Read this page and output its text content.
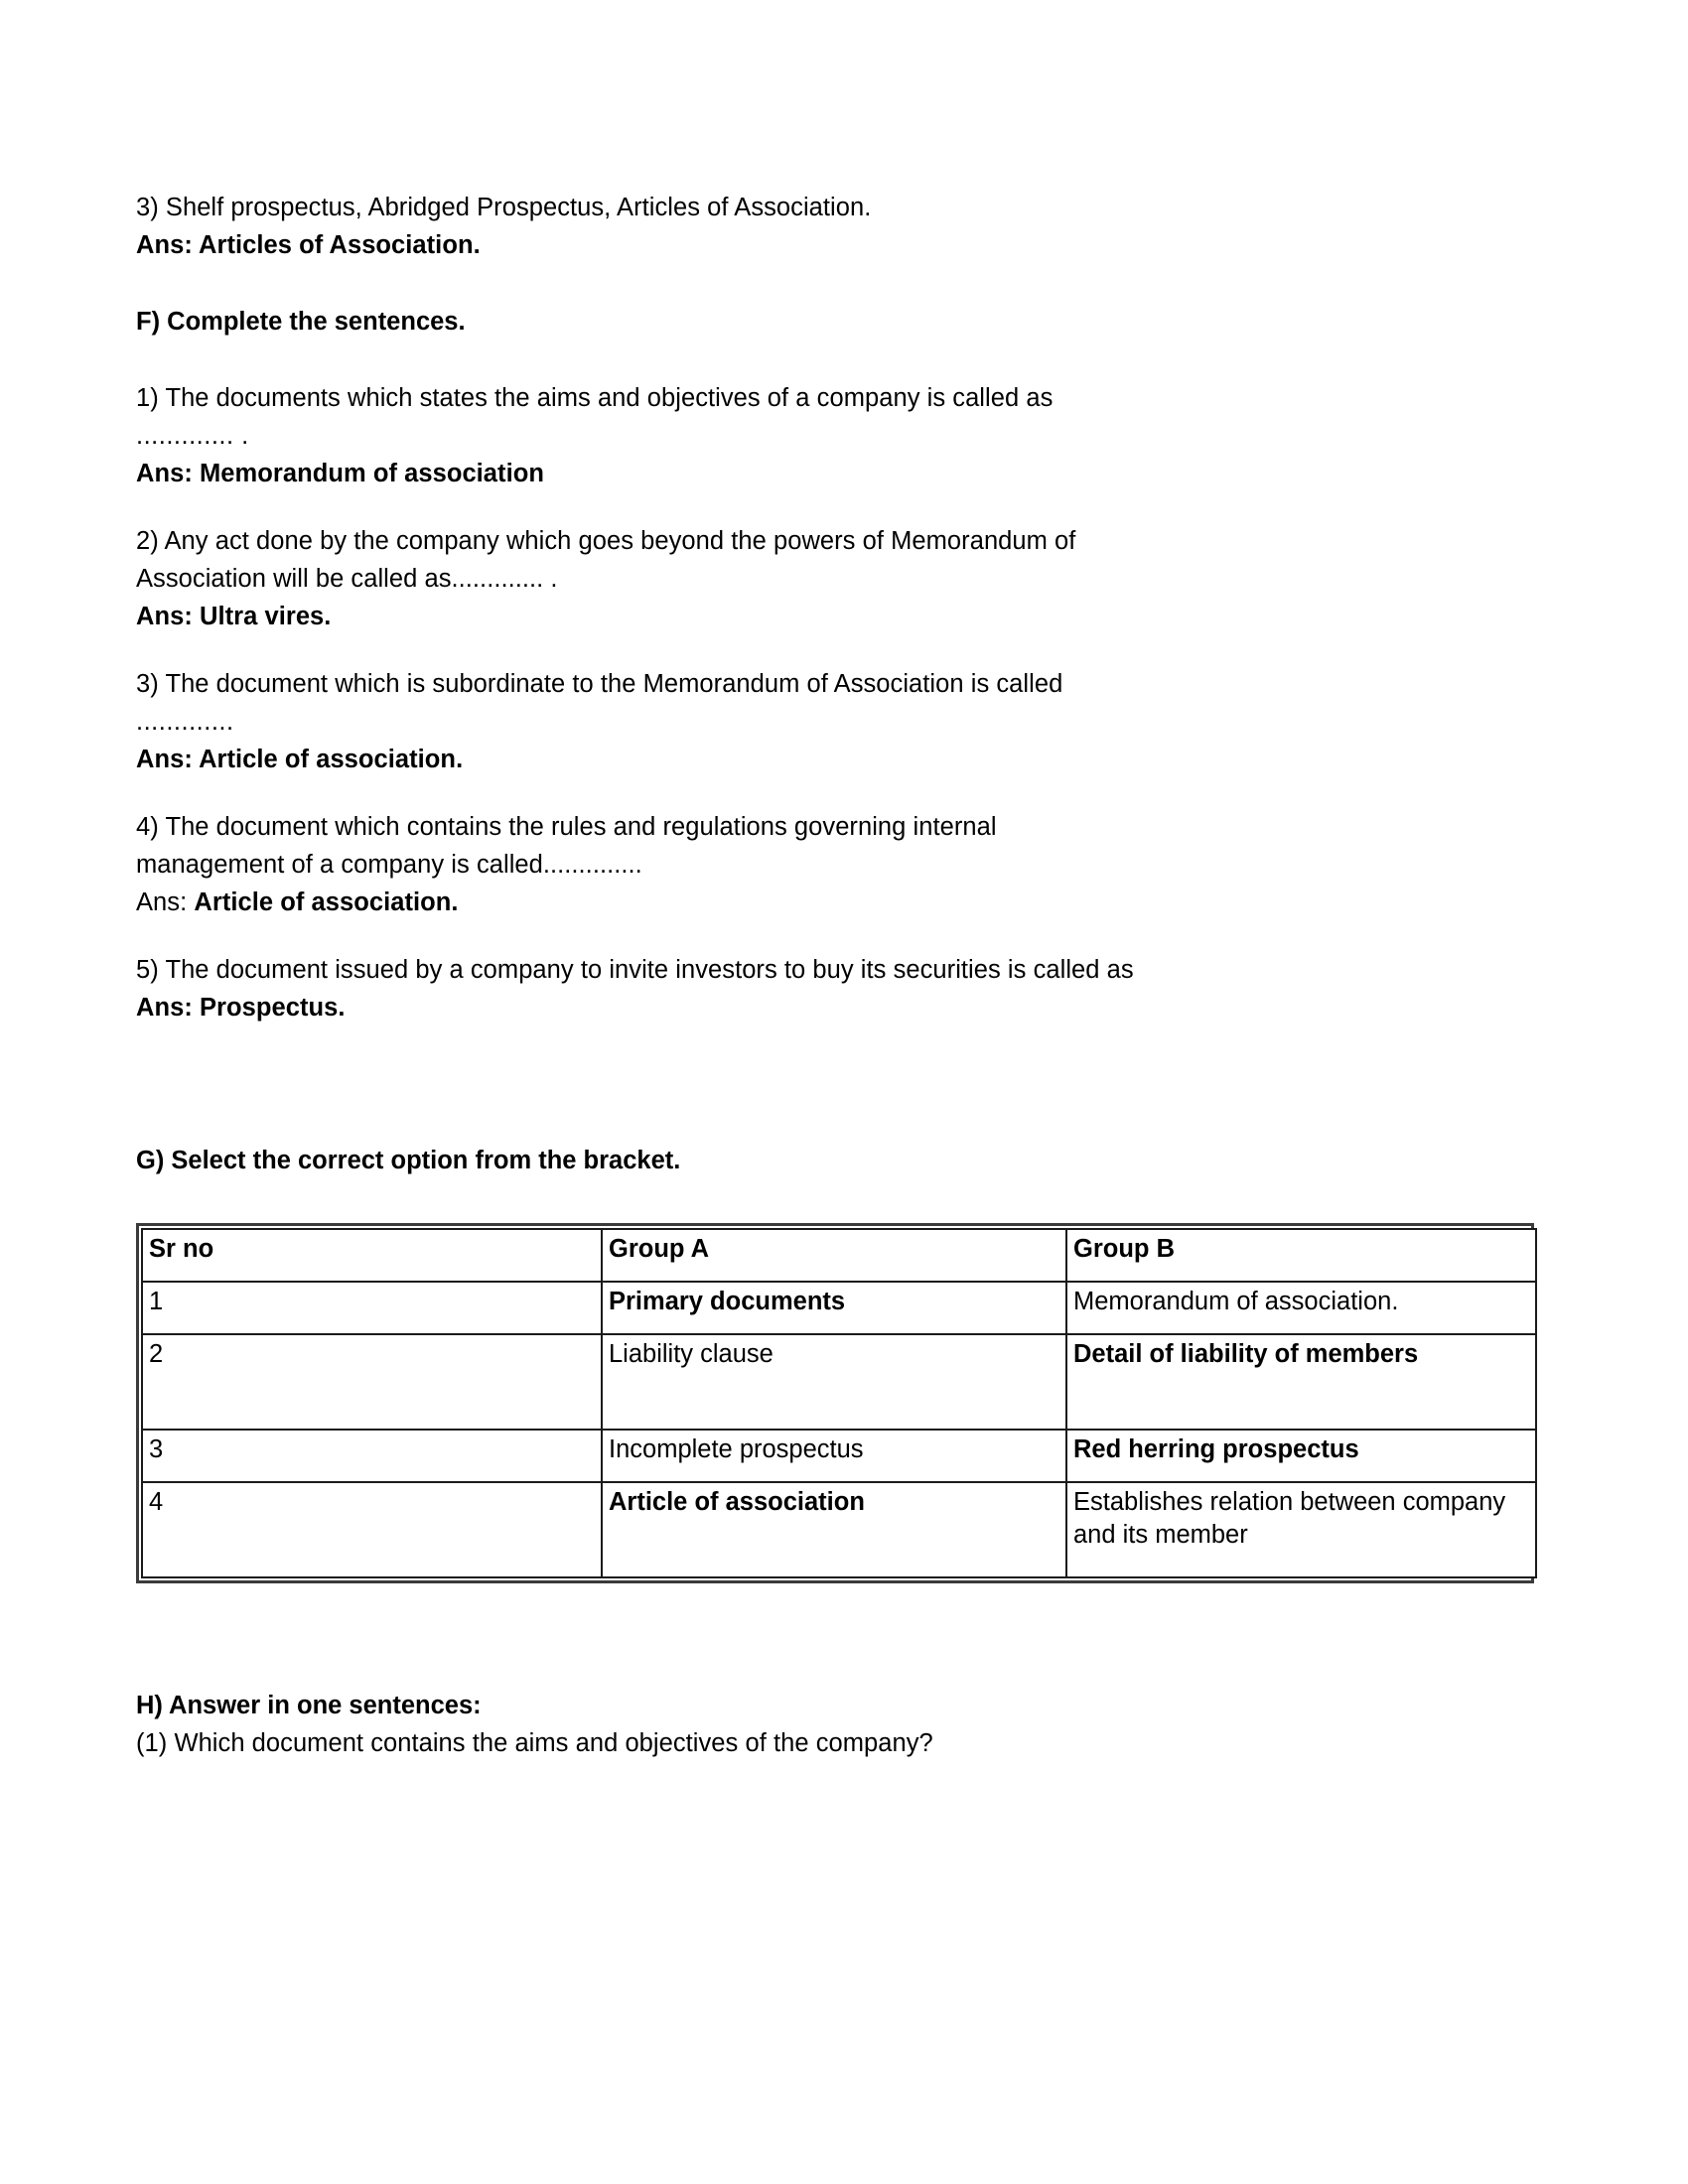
3) Shelf prospectus, Abridged Prospectus, Articles of Association.

Ans: Articles of Association.

F) Complete the sentences.

1) The documents which states the aims and objectives of a company is called as

............. .

Ans: Memorandum of association

2) Any act done by the company which goes beyond the powers of Memorandum of

Association will be called as............. .

Ans: Ultra vires.

3) The document which is subordinate to the Memorandum of Association is called

.............

Ans: Article of association.

4) The document which contains the rules and regulations governing internal

management of a company is called..............

Ans: Article of association.

5) The document issued by a company to invite investors to buy its securities is called as

Ans: Prospectus.

G) Select the correct option from the bracket.

Sr no	Group A	Group B
1	Primary documents	Memorandum of association.
2	Liability clause	Detail of liability of members
3	Incomplete prospectus	Red herring prospectus
4	Article of association	Establishes relation between company and its member

H) Answer in one sentences:

(1) Which document contains the aims and objectives of the company?
